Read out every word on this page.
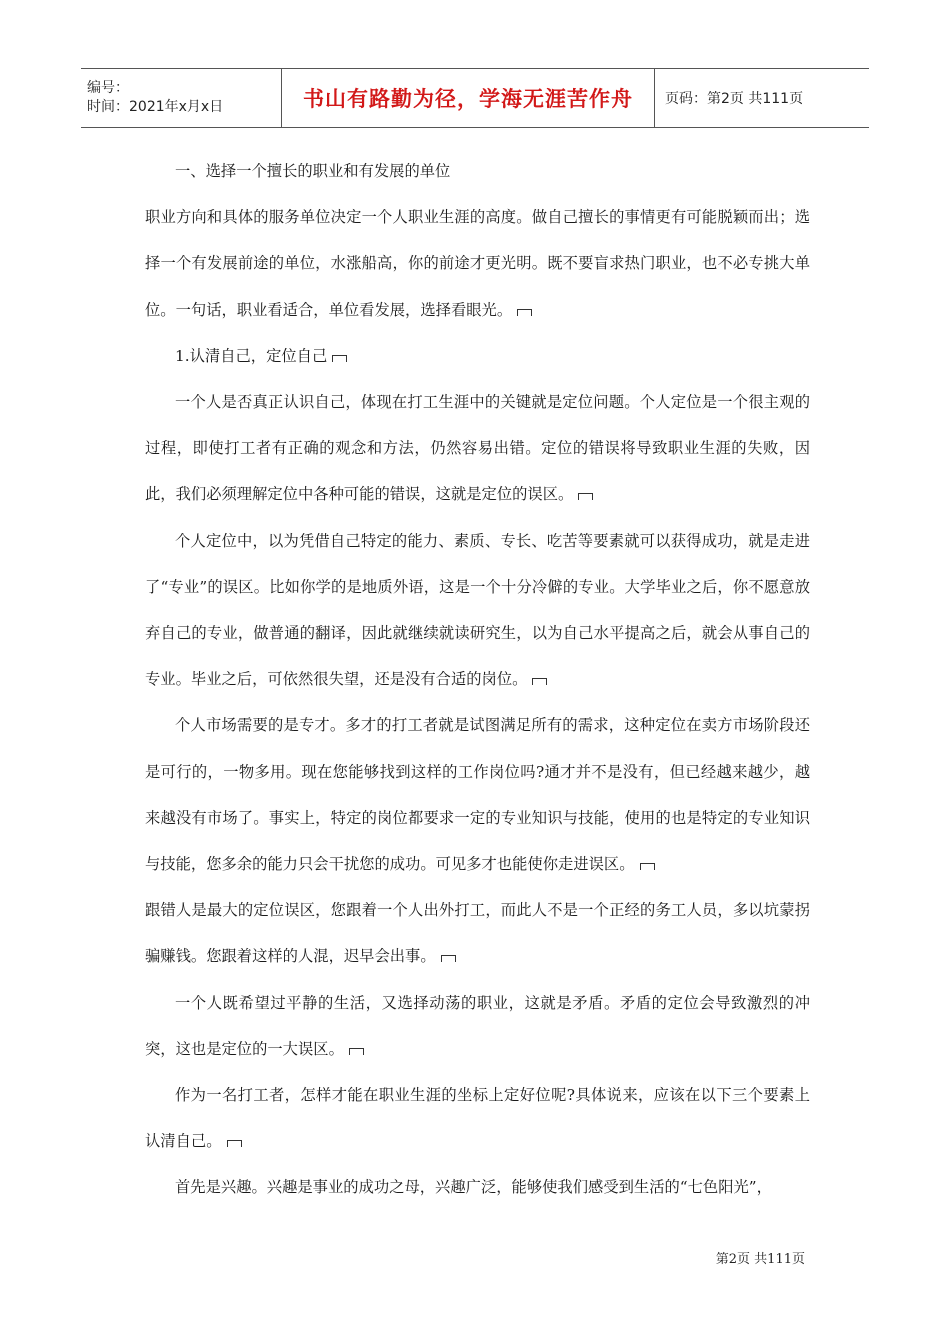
编号：
时间：2021年x月x日	书山有路勤为径，学海无涯苦作舟 页码：第2页 共111页

一、选择一个擅长的职业和有发展的单位

职业方向和具体的服务单位决定一个人职业生涯的高度。做自己擅长的事情更有可能脱颖而出；选择一个有发展前途的单位，水涨船高，你的前途才更光明。既不要盲求热门职业，也不必专挑大单位。一句话，职业看适合，单位看发展，选择看眼光。

1.认清自己，定位自己

一个人是否真正认识自己，体现在打工生涯中的关键就是定位问题。个人定位是一个很主观的过程，即使打工者有正确的观念和方法，仍然容易出错。定位的错误将导致职业生涯的失败，因此，我们必须理解定位中各种可能的错误，这就是定位的误区。

个人定位中，以为凭借自己特定的能力、素质、专长、吃苦等要素就可以获得成功，就是走进了“专业”的误区。比如你学的是地质外语，这是一个十分冷僻的专业。大学毕业之后，你不愿意放弃自己的专业，做普通的翻译，因此就继续就读研究生，以为自己水平提高之后，就会从事自己的专业。毕业之后，可依然很失望，还是没有合适的岗位。

个人市场需要的是专才。多才的打工者就是试图满足所有的需求，这种定位在卖方市场阶段还是可行的，一物多用。现在您能够找到这样的工作岗位吗?通才并不是没有，但已经越来越少，越来越没有市场了。事实上，特定的岗位都要求一定的专业知识与技能，使用的也是特定的专业知识与技能，您多余的能力只会干扰您的成功。可见多才也能使你走进误区。

跟错人是最大的定位误区，您跟着一个人出外打工，而此人不是一个正经的务工人员，多以坑蒙拐骗赚钱。您跟着这样的人混，迟早会出事。

一个人既希望过平静的生活，又选择动荡的职业，这就是矛盾。矛盾的定位会导致激烈的冲突，这也是定位的一大误区。

作为一名打工者，怎样才能在职业生涯的坐标上定好位呢?具体说来，应该在以下三个要素上认清自己。

首先是兴趣。兴趣是事业的成功之母，兴趣广泛，能够使我们感受到生活的“七色阳光”，

第2页 共111页
